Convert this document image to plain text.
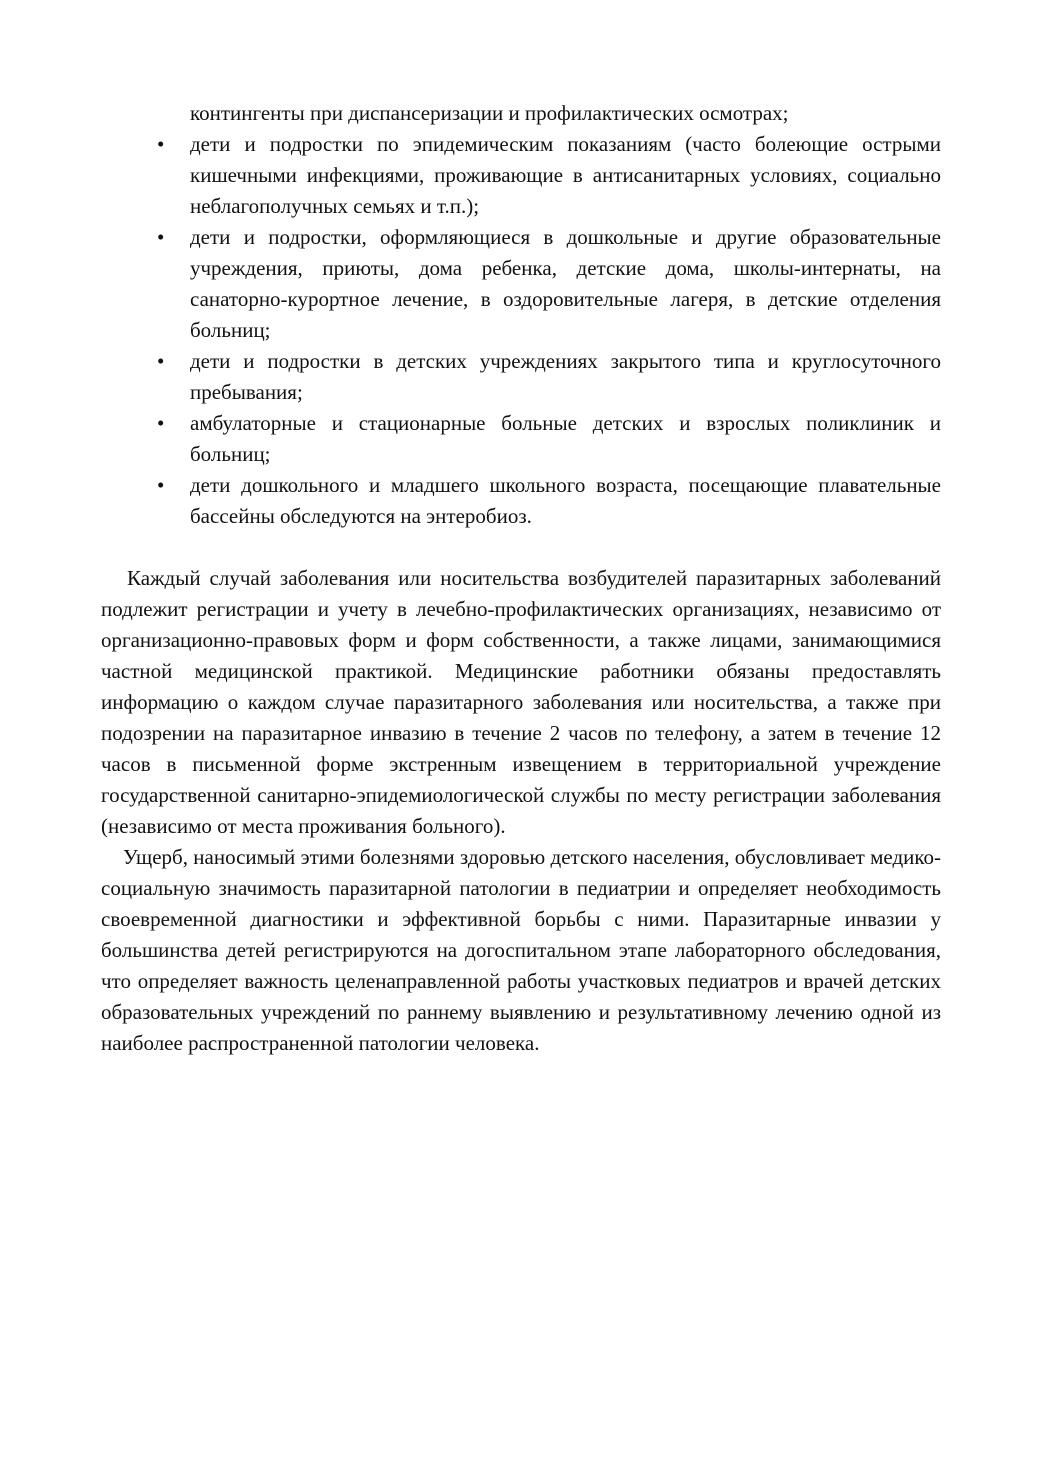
контингенты при диспансеризации и профилактических осмотрах;
• дети и подростки по эпидемическим показаниям (часто болеющие острыми кишечными инфекциями, проживающие в антисанитарных условиях, социально неблагополучных семьях и т.п.);
• дети и подростки, оформляющиеся в дошкольные и другие образовательные учреждения, приюты, дома ребенка, детские дома, школы-интернаты, на санаторно-курортное лечение, в оздоровительные лагеря, в детские отделения больниц;
• дети и подростки в детских учреждениях закрытого типа и круглосуточного пребывания;
• амбулаторные и стационарные больные детских и взрослых поликлиник и больниц;
• дети дошкольного и младшего школьного возраста, посещающие плавательные бассейны обследуются на энтеробиоз.

Каждый случай заболевания или носительства возбудителей паразитарных заболеваний подлежит регистрации и учету в лечебно-профилактических организациях, независимо от организационно-правовых форм и форм собственности, а также лицами, занимающимися частной медицинской практикой. Медицинские работники обязаны предоставлять информацию о каждом случае паразитарного заболевания или носительства, а также при подозрении на паразитарное инвазию в течение 2 часов по телефону, а затем в течение 12 часов в письменной форме экстренным извещением в территориальной учреждение государственной санитарно-эпидемиологической службы по месту регистрации заболевания (независимо от места проживания больного).

Ущерб, наносимый этими болезнями здоровью детского населения, обусловливает медико-социальную значимость паразитарной патологии в педиатрии и определяет необходимость своевременной диагностики и эффективной борьбы с ними. Паразитарные инвазии у большинства детей регистрируются на догоспитальном этапе лабораторного обследования, что определяет важность целенаправленной работы участковых педиатров и врачей детских образовательных учреждений по раннему выявлению и результативному лечению одной из наиболее распространенной патологии человека.
